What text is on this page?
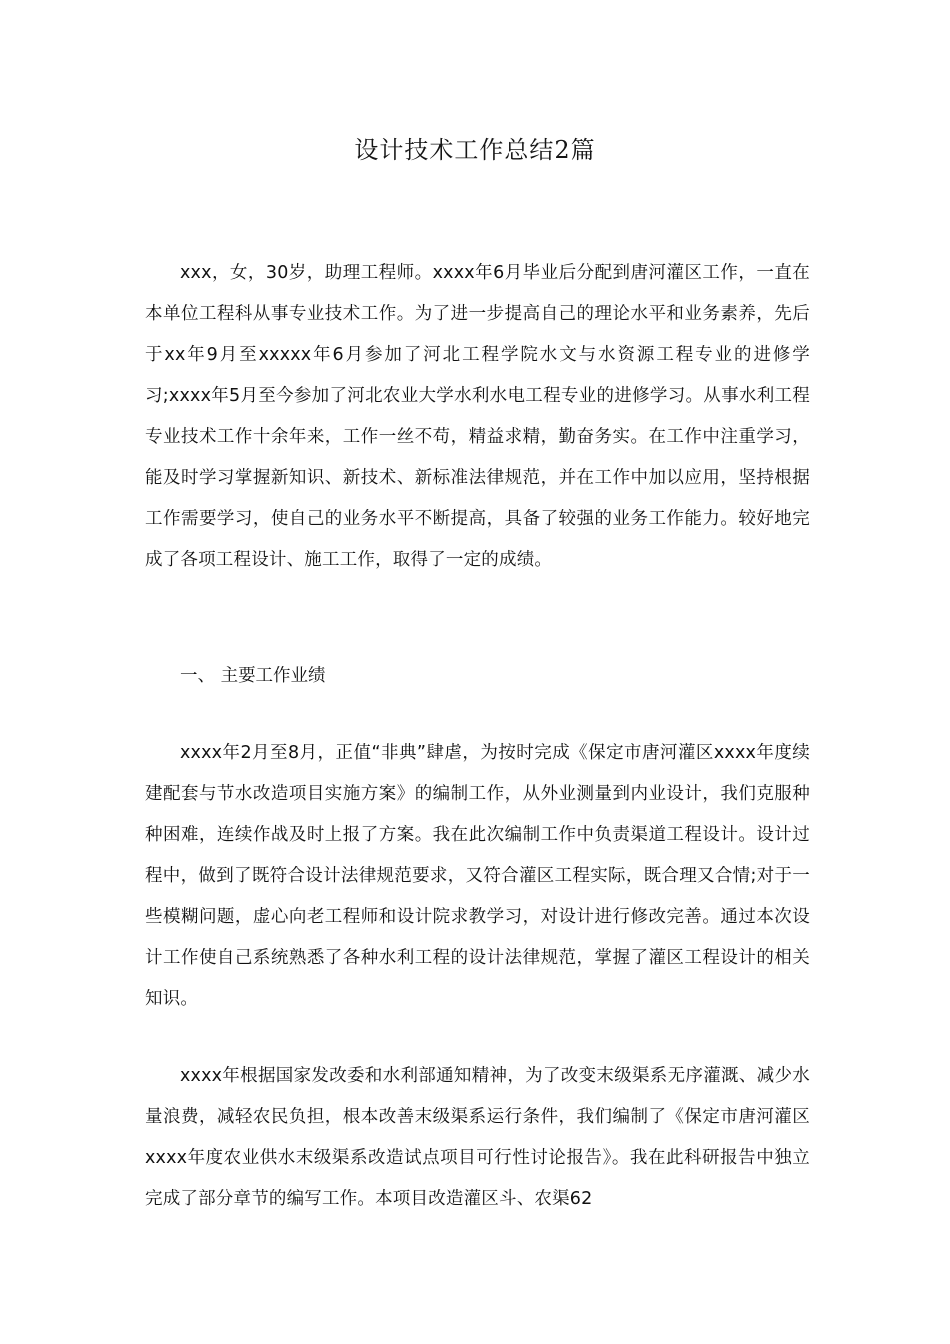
设计技术工作总结2篇

xxx，女，30岁，助理工程师。xxxx年6月毕业后分配到唐河灌区工作，一直在本单位工程科从事专业技术工作。为了进一步提高自己的理论水平和业务素养，先后于xx年9月至xxxxx年6月参加了河北工程学院水文与水资源工程专业的进修学习;xxxx年5月至今参加了河北农业大学水利水电工程专业的进修学习。从事水利工程专业技术工作十余年来，工作一丝不苟，精益求精，勤奋务实。在工作中注重学习，能及时学习掌握新知识、新技术、新标准法律规范，并在工作中加以应用，坚持根据工作需要学习，使自己的业务水平不断提高，具备了较强的业务工作能力。较好地完成了各项工程设计、施工工作，取得了一定的成绩。

一、 主要工作业绩

xxxx年2月至8月，正值“非典”肆虐，为按时完成《保定市唐河灌区xxxx年度续建配套与节水改造项目实施方案》的编制工作，从外业测量到内业设计，我们克服种种困难，连续作战及时上报了方案。我在此次编制工作中负责渠道工程设计。设计过程中，做到了既符合设计法律规范要求，又符合灌区工程实际，既合理又合情;对于一些模糊问题，虚心向老工程师和设计院求教学习，对设计进行修改完善。通过本次设计工作使自己系统熟悉了各种水利工程的设计法律规范，掌握了灌区工程设计的相关知识。

xxxx年根据国家发改委和水利部通知精神，为了改变末级渠系无序灌溉、减少水量浪费，减轻农民负担，根本改善末级渠系运行条件，我们编制了《保定市唐河灌区xxxx年度农业供水末级渠系改造试点项目可行性讨论报告》。我在此科研报告中独立完成了部分章节的编写工作。本项目改造灌区斗、农渠62
